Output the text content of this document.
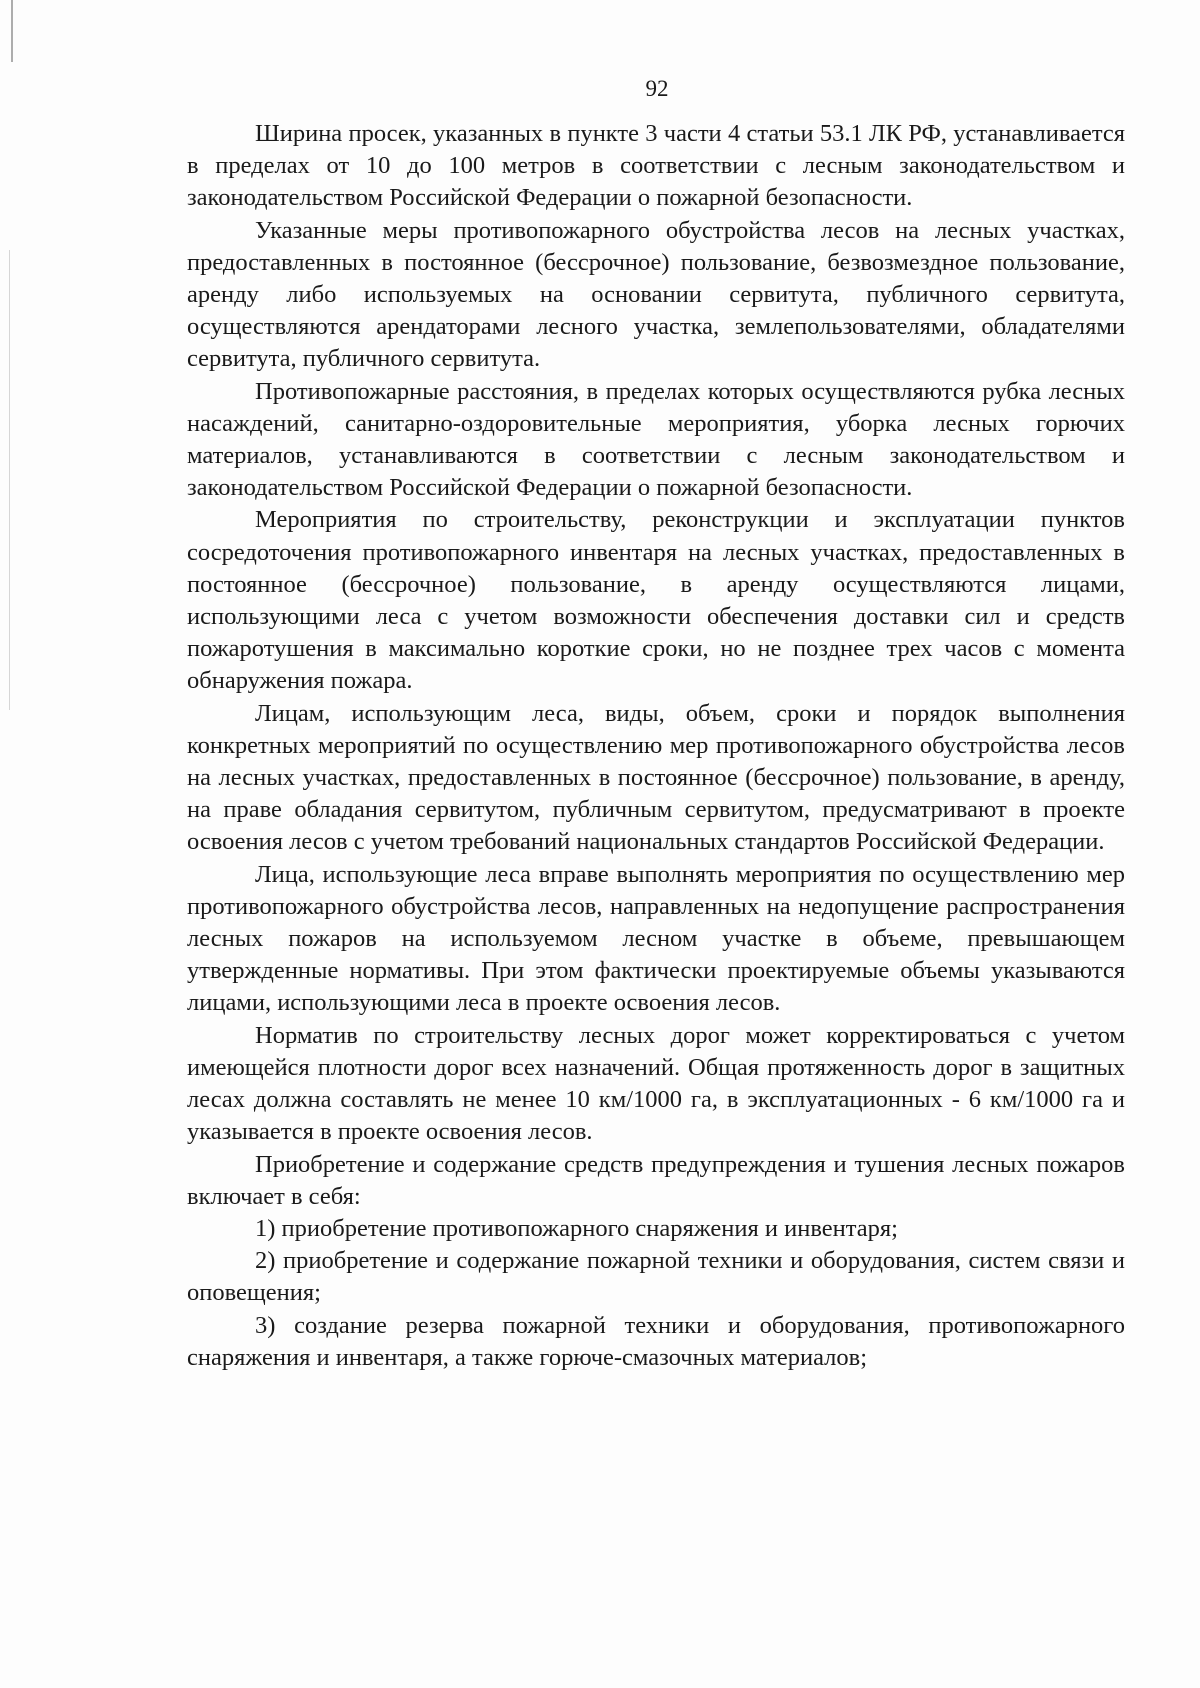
92

Ширина просек, указанных в пункте 3 части 4 статьи 53.1 ЛК РФ, устанавливается в пределах от 10 до 100 метров в соответствии с лесным законодательством и законодательством Российской Федерации о пожарной безопасности.

Указанные меры противопожарного обустройства лесов на лесных участках, предоставленных в постоянное (бессрочное) пользование, безвозмездное пользование, аренду либо используемых на основании сервитута, публичного сервитута, осуществляются арендаторами лесного участка, землепользователями, обладателями сервитута, публичного сервитута.

Противопожарные расстояния, в пределах которых осуществляются рубка лесных насаждений, санитарно-оздоровительные мероприятия, уборка лесных горючих материалов, устанавливаются в соответствии с лесным законодательством и законодательством Российской Федерации о пожарной безопасности.

Мероприятия по строительству, реконструкции и эксплуатации пунктов сосредоточения противопожарного инвентаря на лесных участках, предоставленных в постоянное (бессрочное) пользование, в аренду осуществляются лицами, использующими леса с учетом возможности обеспечения доставки сил и средств пожаротушения в максимально короткие сроки, но не позднее трех часов с момента обнаружения пожара.

Лицам, использующим леса, виды, объем, сроки и порядок выполнения конкретных мероприятий по осуществлению мер противопожарного обустройства лесов на лесных участках, предоставленных в постоянное (бессрочное) пользование, в аренду, на праве обладания сервитутом, публичным сервитутом, предусматривают в проекте освоения лесов с учетом требований национальных стандартов Российской Федерации.

Лица, использующие леса вправе выполнять мероприятия по осуществлению мер противопожарного обустройства лесов, направленных на недопущение распространения лесных пожаров на используемом лесном участке в объеме, превышающем утвержденные нормативы. При этом фактически проектируемые объемы указываются лицами, использующими леса в проекте освоения лесов.

Норматив по строительству лесных дорог может корректироваться с учетом имеющейся плотности дорог всех назначений. Общая протяженность дорог в защитных лесах должна составлять не менее 10 км/1000 га, в эксплуатационных - 6 км/1000 га и указывается в проекте освоения лесов.

Приобретение и содержание средств предупреждения и тушения лесных пожаров включает в себя:

1) приобретение противопожарного снаряжения и инвентаря;

2) приобретение и содержание пожарной техники и оборудования, систем связи и оповещения;

3) создание резерва пожарной техники и оборудования, противопожарного снаряжения и инвентаря, а также горюче-смазочных материалов;
